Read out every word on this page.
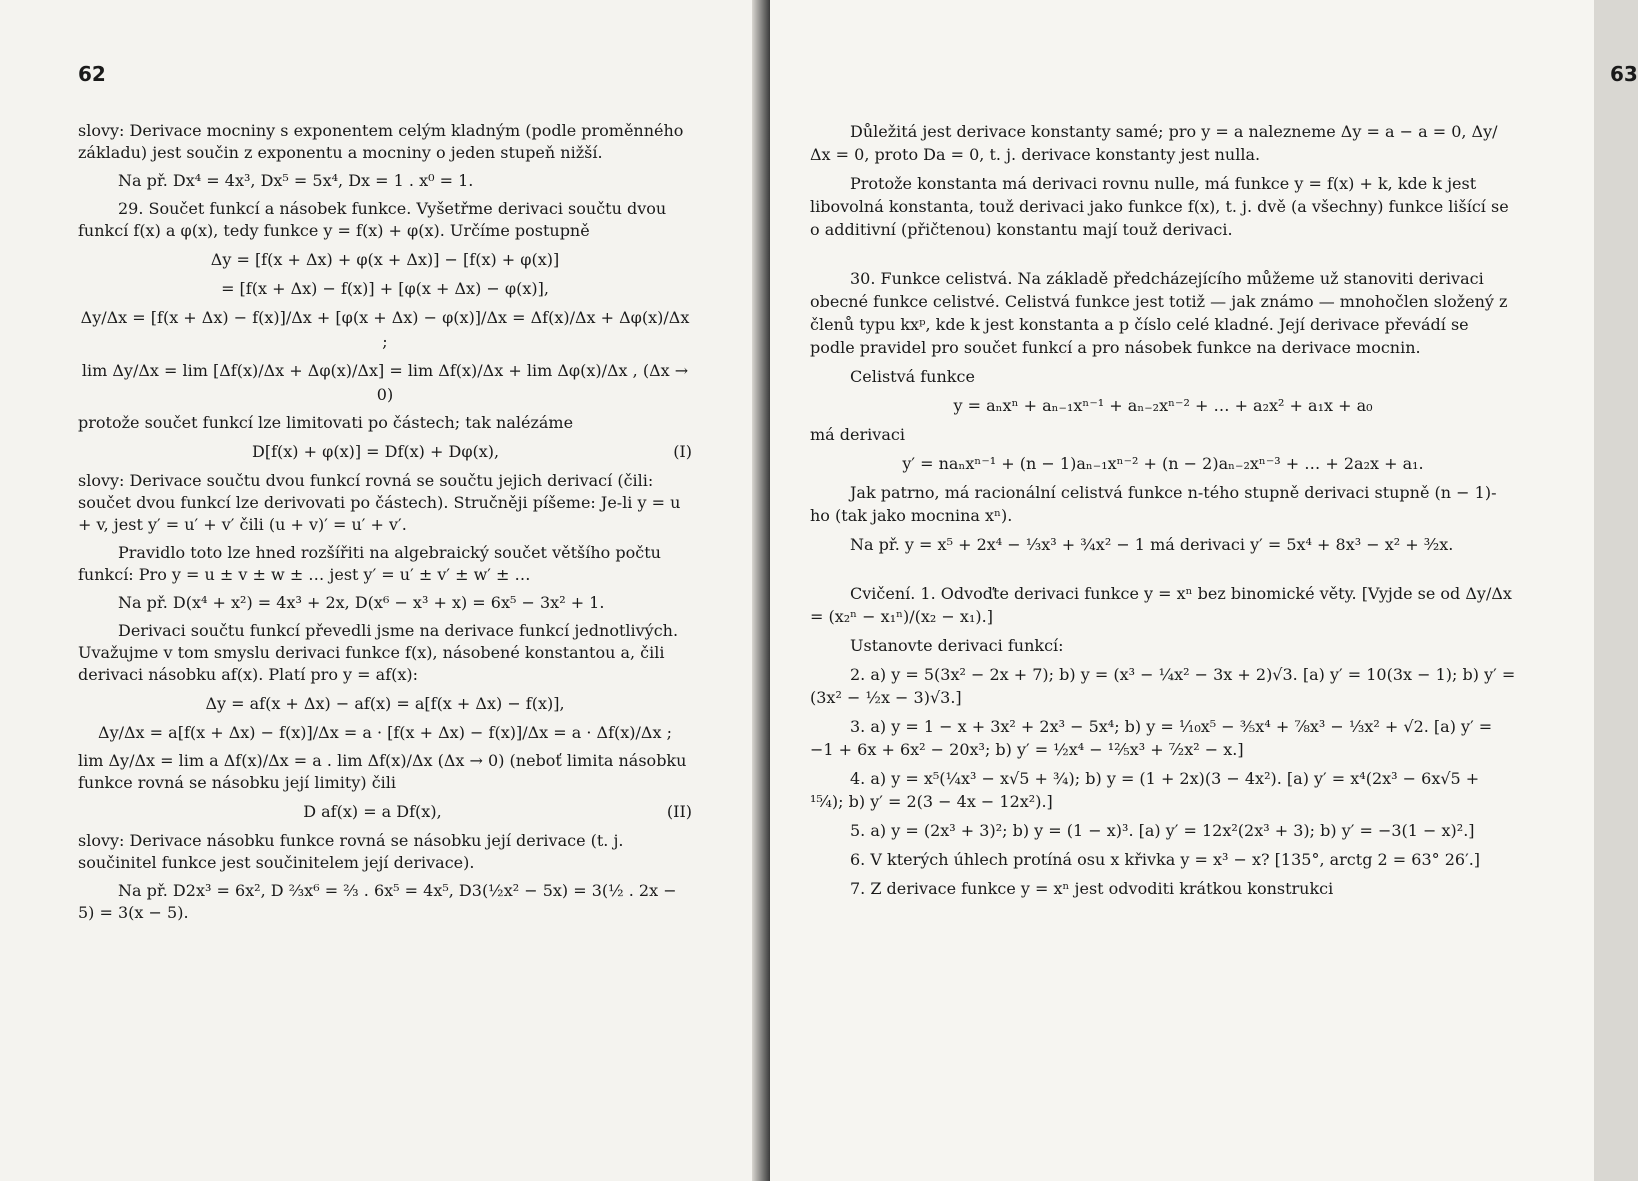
62

slovy: Derivace mocniny s exponentem celým kladným (podle proměnného základu) jest součin z exponentu a mocniny o jeden stupeň nižší.

Na př. Dx⁴ = 4x³, Dx⁵ = 5x⁴, Dx = 1 . x⁰ = 1.

29. Součet funkcí a násobek funkce. Vyšetřme derivaci součtu dvou funkcí f(x) a φ(x), tedy funkce y = f(x) + φ(x). Určíme postupně

Δy = [f(x + Δx) + φ(x + Δx)] − [f(x) + φ(x)]
= [f(x + Δx) − f(x)] + [φ(x + Δx) − φ(x)],
Δy/Δx = [f(x + Δx) − f(x)]/Δx + [φ(x + Δx) − φ(x)]/Δx = Δf(x)/Δx + Δφ(x)/Δx ;
lim Δy/Δx = lim [Δf(x)/Δx + Δφ(x)/Δx] = lim Δf(x)/Δx + lim Δφ(x)/Δx , (Δx → 0)

protože součet funkcí lze limitovati po částech; tak nalézáme

D[f(x) + φ(x)] = Df(x) + Dφ(x),	(I)

slovy: Derivace součtu dvou funkcí rovná se součtu jejich derivací (čili: součet dvou funkcí lze derivovati po částech). Stručněji píšeme: Je-li y = u + v, jest y′ = u′ + v′ čili (u + v)′ = u′ + v′.

Pravidlo toto lze hned rozšířiti na algebraický součet většího počtu funkcí: Pro y = u ± v ± w ± … jest y′ = u′ ± v′ ± w′ ± …

Na př. D(x⁴ + x²) = 4x³ + 2x, D(x⁶ − x³ + x) = 6x⁵ − 3x² + 1.

Derivaci součtu funkcí převedli jsme na derivace funkcí jednotlivých. Uvažujme v tom smyslu derivaci funkce f(x), násobené konstantou a, čili derivaci násobku af(x). Platí pro y = af(x):

Δy = af(x + Δx) − af(x) = a[f(x + Δx) − f(x)],
Δy/Δx = a[f(x + Δx) − f(x)]/Δx = a · [f(x + Δx) − f(x)]/Δx = a · Δf(x)/Δx ;

lim Δy/Δx = lim a Δf(x)/Δx = a . lim Δf(x)/Δx (Δx → 0) (neboť limita násobku funkce rovná se násobku její limity) čili

D af(x) = a Df(x),	(II)

slovy: Derivace násobku funkce rovná se násobku její derivace (t. j. součinitel funkce jest součinitelem její derivace).

Na př. D2x³ = 6x², D ⅔x⁶ = ⅔ . 6x⁵ = 4x⁵, D3(½x² − 5x) = 3(½ . 2x − 5) = 3(x − 5).

63

Důležitá jest derivace konstanty samé; pro y = a nalezneme Δy = a − a = 0, Δy/Δx = 0, proto Da = 0, t. j. derivace konstanty jest nulla.

Protože konstanta má derivaci rovnu nulle, má funkce y = f(x) + k, kde k jest libovolná konstanta, touž derivaci jako funkce f(x), t. j. dvě (a všechny) funkce lišící se o additivní (přičtenou) konstantu mají touž derivaci.

30. Funkce celistvá. Na základě předcházejícího můžeme už stanoviti derivaci obecné funkce celistvé. Celistvá funkce jest totiž — jak známo — mnohočlen složený z členů typu kxᵖ, kde k jest konstanta a p číslo celé kladné. Její derivace převádí se podle pravidel pro součet funkcí a pro násobek funkce na derivace mocnin.

Celistvá funkce

y = aₙxⁿ + aₙ₋₁xⁿ⁻¹ + aₙ₋₂xⁿ⁻² + … + a₂x² + a₁x + a₀

má derivaci

y′ = naₙxⁿ⁻¹ + (n − 1)aₙ₋₁xⁿ⁻² + (n − 2)aₙ₋₂xⁿ⁻³ + … + 2a₂x + a₁.

Jak patrno, má racionální celistvá funkce n-tého stupně derivaci stupně (n − 1)-ho (tak jako mocnina xⁿ).

Na př. y = x⁵ + 2x⁴ − ⅓x³ + ¾x² − 1 má derivaci y′ = 5x⁴ + 8x³ − x² + ³⁄₂x.

Cvičení. 1. Odvoďte derivaci funkce y = xⁿ bez binomické věty. [Vyjde se od Δy/Δx = (x₂ⁿ − x₁ⁿ)/(x₂ − x₁).]

Ustanovte derivaci funkcí:

2. a) y = 5(3x² − 2x + 7); b) y = (x³ − ¼x² − 3x + 2)√3. [a) y′ = 10(3x − 1); b) y′ = (3x² − ½x − 3)√3.]

3. a) y = 1 − x + 3x² + 2x³ − 5x⁴; b) y = ¹⁄₁₀x⁵ − ⅗x⁴ + ⅞x³ − ⅓x² + √2. [a) y′ = −1 + 6x + 6x² − 20x³; b) y′ = ½x⁴ − ¹²⁄₅x³ + ⁷⁄₂x² − x.]

4. a) y = x⁵(¼x³ − x√5 + ¾); b) y = (1 + 2x)(3 − 4x²). [a) y′ = x⁴(2x³ − 6x√5 + ¹⁵⁄₄); b) y′ = 2(3 − 4x − 12x²).]

5. a) y = (2x³ + 3)²; b) y = (1 − x)³. [a) y′ = 12x²(2x³ + 3); b) y′ = −3(1 − x)².]

6. V kterých úhlech protíná osu x křivka y = x³ − x? [135°, arctg 2 = 63° 26′.]

7. Z derivace funkce y = xⁿ jest odvoditi krátkou konstrukci
